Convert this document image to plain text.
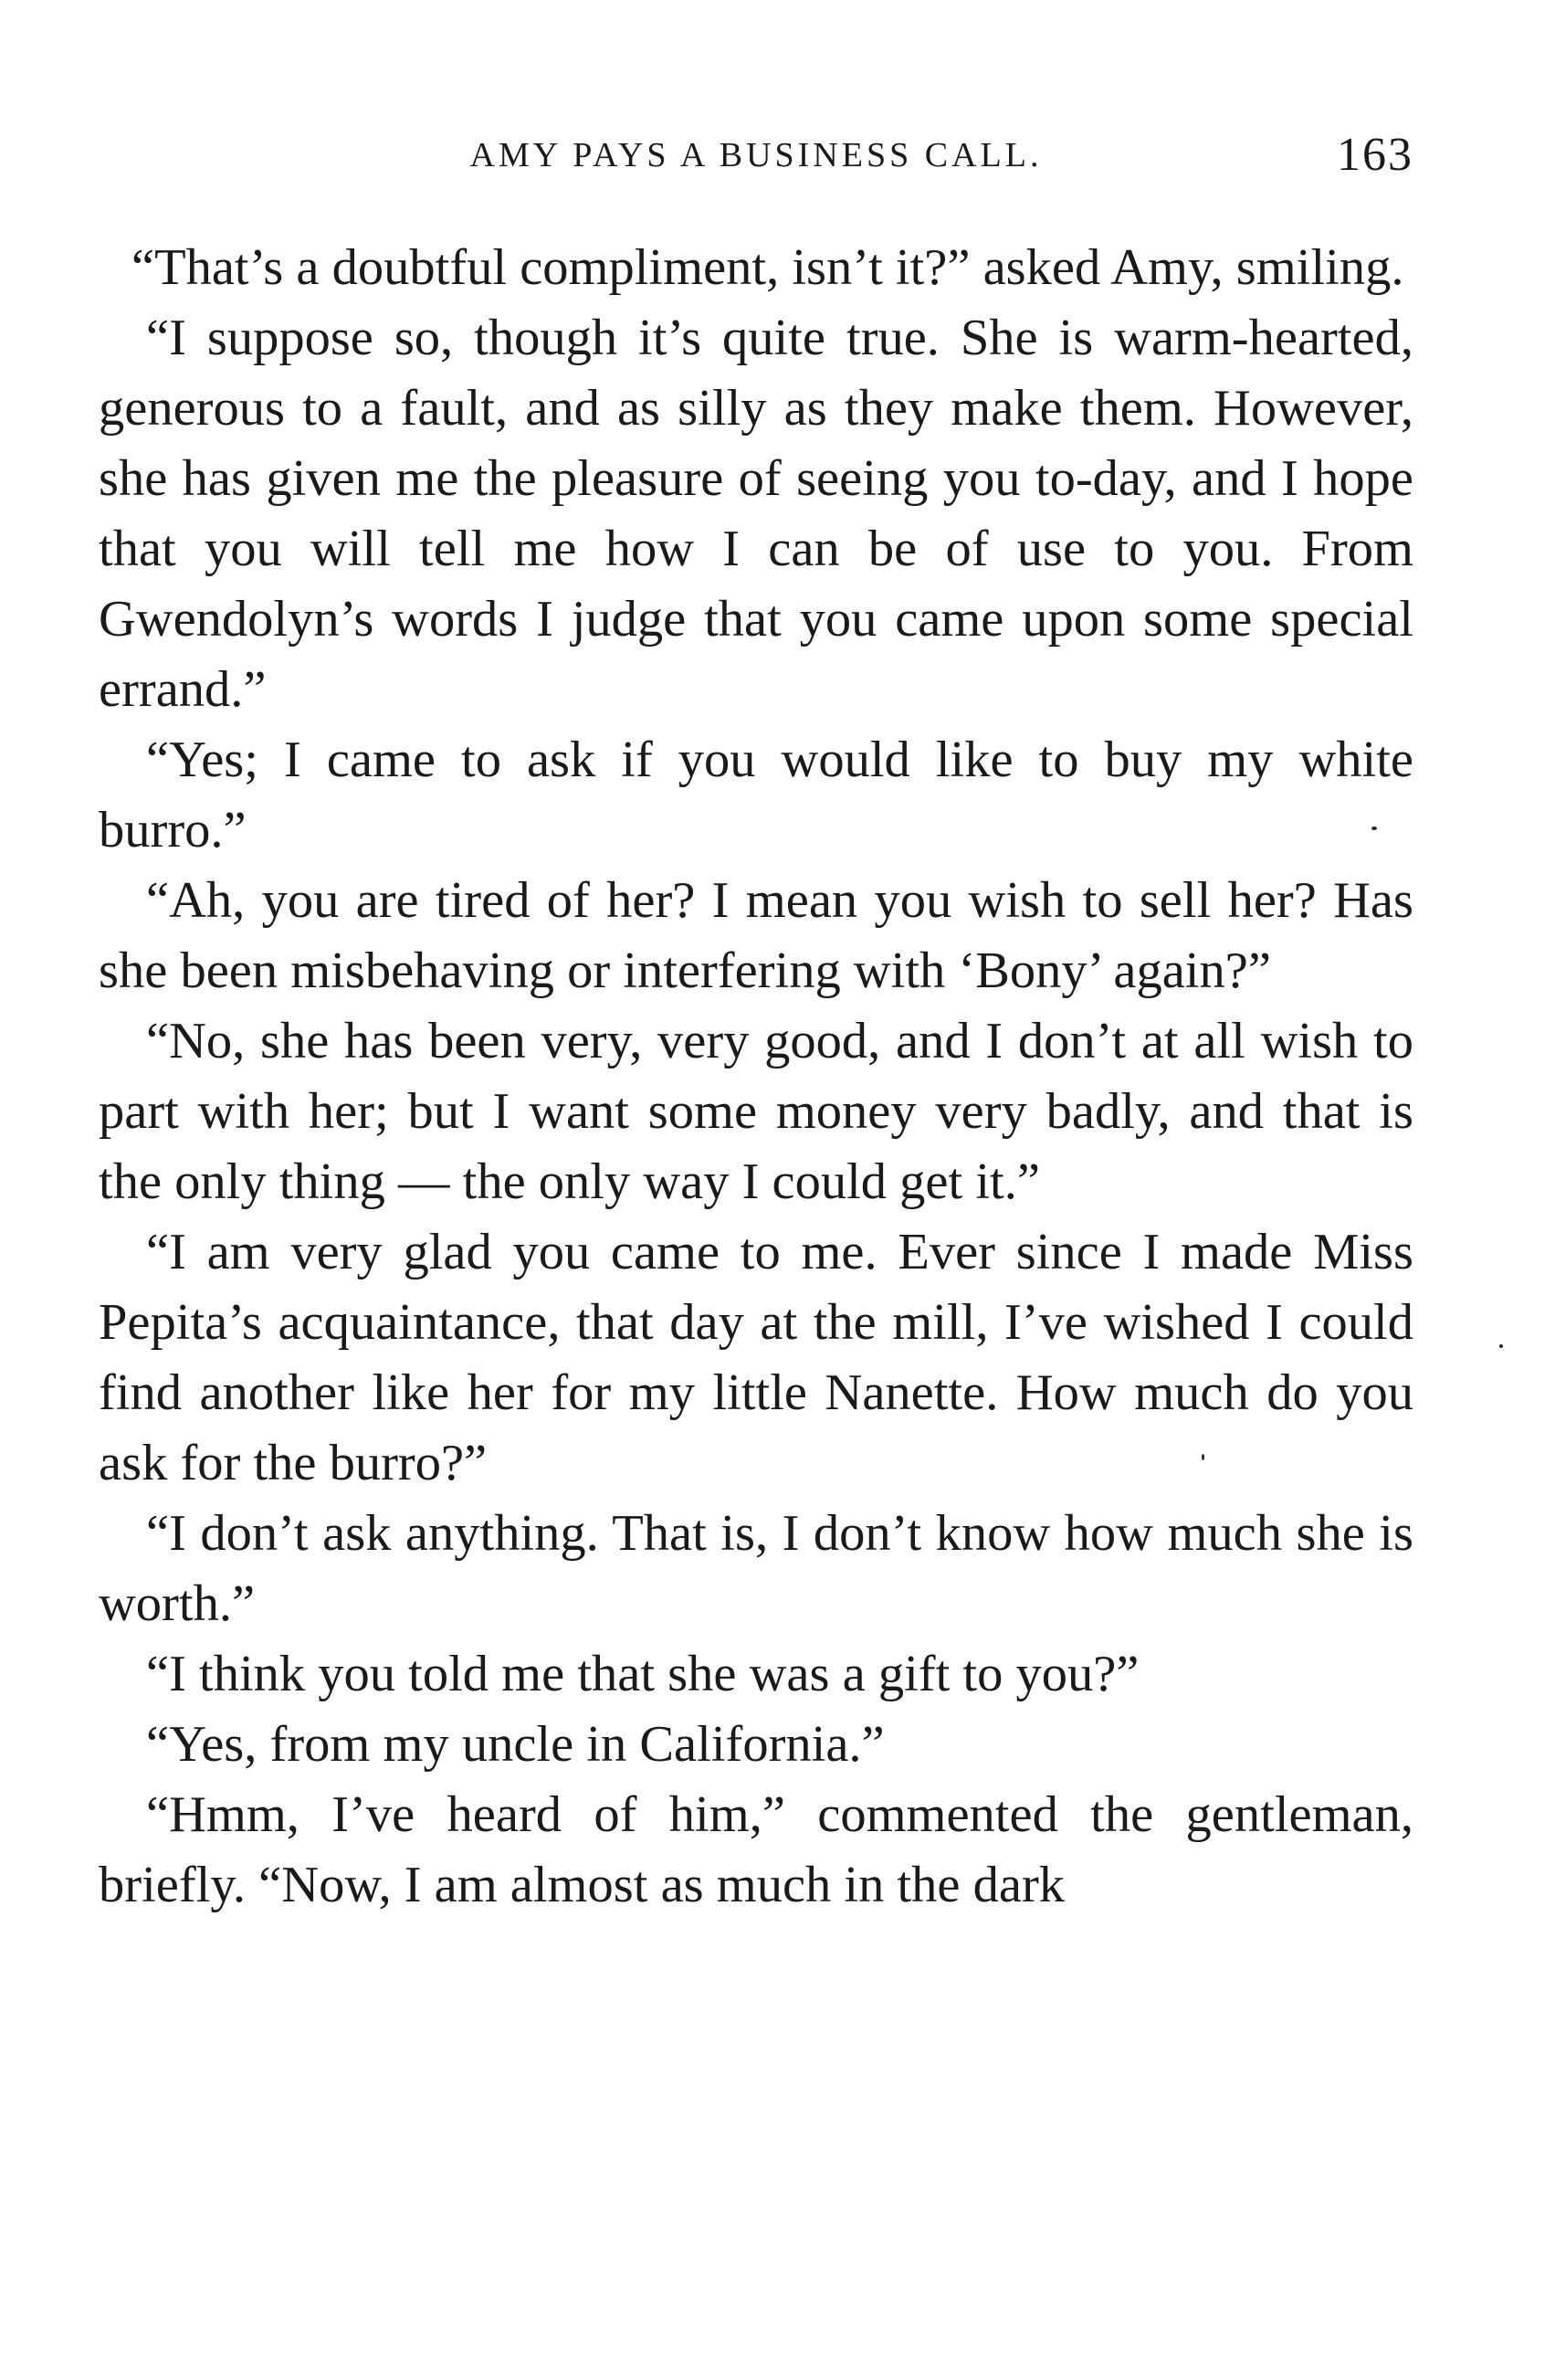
AMY PAYS A BUSINESS CALL.	163

“That’s a doubtful compliment, isn’t it?” asked Amy, smiling.

“I suppose so, though it’s quite true. She is warm-hearted, generous to a fault, and as silly as they make them. However, she has given me the pleasure of seeing you to-day, and I hope that you will tell me how I can be of use to you. From Gwendolyn’s words I judge that you came upon some special errand.”

“Yes; I came to ask if you would like to buy my white burro.”

“Ah, you are tired of her? I mean you wish to sell her? Has she been misbehaving or interfering with ‘Bony’ again?”

“No, she has been very, very good, and I don’t at all wish to part with her; but I want some money very badly, and that is the only thing — the only way I could get it.”

“I am very glad you came to me. Ever since I made Miss Pepita’s acquaintance, that day at the mill, I’ve wished I could find another like her for my little Nanette. How much do you ask for the burro?”

“I don’t ask anything. That is, I don’t know how much she is worth.”

“I think you told me that she was a gift to you?”

“Yes, from my uncle in California.”

“Hmm, I’ve heard of him,” commented the gentleman, briefly. “Now, I am almost as much in the dark
